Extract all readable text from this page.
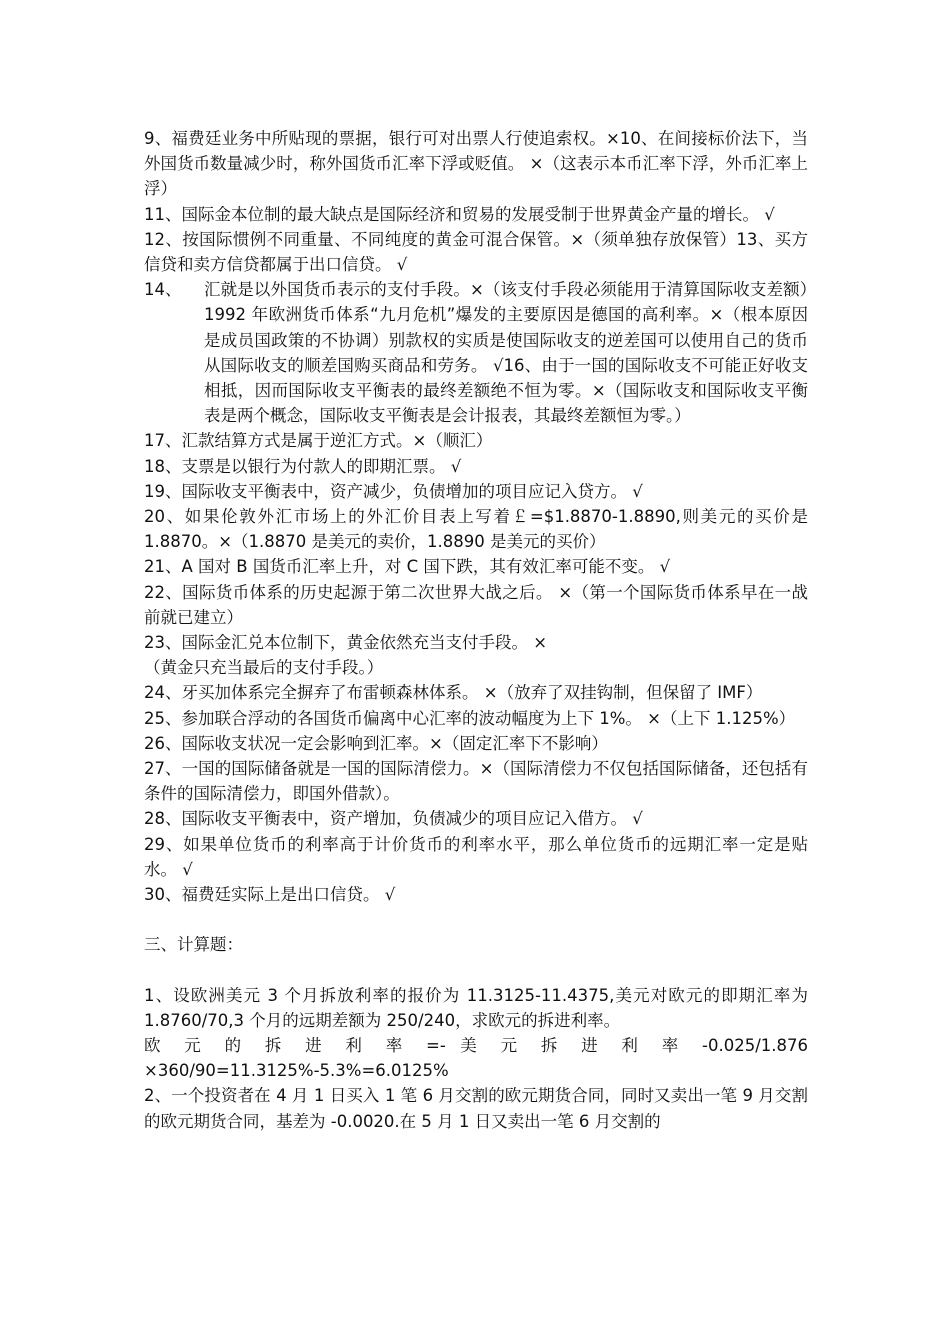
9、福费廷业务中所贴现的票据，银行可对出票人行使追索权。×10、在间接标价法下，当外国货币数量减少时，称外国货币汇率下浮或贬值。 ×（这表示本币汇率下浮，外币汇率上浮）

11、国际金本位制的最大缺点是国际经济和贸易的发展受制于世界黄金产量的增长。 √

12、按国际惯例不同重量、不同纯度的黄金可混合保管。×（须单独存放保管）13、买方信贷和卖方信贷都属于出口信贷。 √

14、	汇就是以外国货币表示的支付手段。×（该支付手段必须能用于清算国际收支差额）1992 年欧洲货币体系“九月危机”爆发的主要原因是德国的高利率。×（根本原因是成员国政策的不协调）别款权的实质是使国际收支的逆差国可以使用自己的货币从国际收支的顺差国购买商品和劳务。 √16、由于一国的国际收支不可能正好收支相抵，因而国际收支平衡表的最终差额绝不恒为零。×（国际收支和国际收支平衡表是两个概念，国际收支平衡表是会计报表，其最终差额恒为零。）

17、汇款结算方式是属于逆汇方式。×（顺汇）

18、支票是以银行为付款人的即期汇票。 √

19、国际收支平衡表中，资产减少，负债增加的项目应记入贷方。 √

20、如果伦敦外汇市场上的外汇价目表上写着￡=$1.8870-1.8890,则美元的买价是 1.8870。×（1.8870 是美元的卖价，1.8890 是美元的买价）

21、A 国对 B 国货币汇率上升，对 C 国下跌，其有效汇率可能不变。 √

22、国际货币体系的历史起源于第二次世界大战之后。 ×（第一个国际货币体系早在一战前就已建立）

23、国际金汇兑本位制下，黄金依然充当支付手段。 ×

（黄金只充当最后的支付手段。）

24、牙买加体系完全摒弃了布雷顿森林体系。 ×（放弃了双挂钩制，但保留了 IMF）

25、参加联合浮动的各国货币偏离中心汇率的波动幅度为上下 1%。 ×（上下 1.125%）

26、国际收支状况一定会影响到汇率。×（固定汇率下不影响）

27、一国的国际储备就是一国的国际清偿力。×（国际清偿力不仅包括国际储备，还包括有条件的国际清偿力，即国外借款）。

28、国际收支平衡表中，资产增加，负债减少的项目应记入借方。 √

29、如果单位货币的利率高于计价货币的利率水平，那么单位货币的远期汇率一定是贴水。 √

30、福费廷实际上是出口信贷。 √

三、计算题：

1、设欧洲美元 3 个月拆放利率的报价为 11.3125-11.4375,美元对欧元的即期汇率为 1.8760/70,3 个月的远期差额为 250/240，求欧元的拆进利率。

欧 元 的 拆 进 利 率 =- 美 元 拆 进 利 率 -0.025/1.876 ×360/90=11.3125%-5.3%=6.0125%

2、一个投资者在 4 月 1 日买入 1 笔 6 月交割的欧元期货合同，同时又卖出一笔 9 月交割的欧元期货合同，基差为 -0.0020.在 5 月 1 日又卖出一笔 6 月交割的
